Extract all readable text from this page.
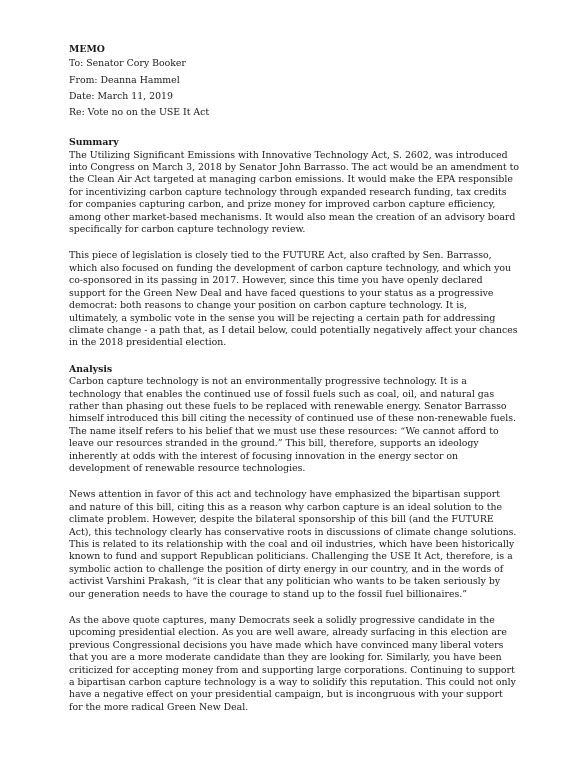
MEMO

To: Senator Cory Booker

From: Deanna Hammel

Date: March 11, 2019

Re: Vote no on the USE It Act

Summary

The Utilizing Significant Emissions with Innovative Technology Act, S. 2602, was introduced into Congress on March 3, 2018 by Senator John Barrasso. The act would be an amendment to the Clean Air Act targeted at managing carbon emissions. It would make the EPA responsible for incentivizing carbon capture technology through expanded research funding, tax credits for companies capturing carbon, and prize money for improved carbon capture efficiency, among other market-based mechanisms. It would also mean the creation of an advisory board specifically for carbon capture technology review.

This piece of legislation is closely tied to the FUTURE Act, also crafted by Sen. Barrasso, which also focused on funding the development of carbon capture technology, and which you co-sponsored in its passing in 2017. However, since this time you have openly declared support for the Green New Deal and have faced questions to your status as a progressive democrat: both reasons to change your position on carbon capture technology. It is, ultimately, a symbolic vote in the sense you will be rejecting a certain path for addressing climate change - a path that, as I detail below, could potentially negatively affect your chances in the 2018 presidential election.

Analysis

Carbon capture technology is not an environmentally progressive technology. It is a technology that enables the continued use of fossil fuels such as coal, oil, and natural gas rather than phasing out these fuels to be replaced with renewable energy. Senator Barrasso himself introduced this bill citing the necessity of continued use of these non-renewable fuels. The name itself refers to his belief that we must use these resources: “We cannot afford to leave our resources stranded in the ground.” This bill, therefore, supports an ideology inherently at odds with the interest of focusing innovation in the energy sector on development of renewable resource technologies.

News attention in favor of this act and technology have emphasized the bipartisan support and nature of this bill, citing this as a reason why carbon capture is an ideal solution to the climate problem. However, despite the bilateral sponsorship of this bill (and the FUTURE Act), this technology clearly has conservative roots in discussions of climate change solutions. This is related to its relationship with the coal and oil industries, which have been historically known to fund and support Republican politicians. Challenging the USE It Act, therefore, is a symbolic action to challenge the position of dirty energy in our country, and in the words of activist Varshini Prakash, “it is clear that any politician who wants to be taken seriously by our generation needs to have the courage to stand up to the fossil fuel billionaires.”

As the above quote captures, many Democrats seek a solidly progressive candidate in the upcoming presidential election. As you are well aware, already surfacing in this election are previous Congressional decisions you have made which have convinced many liberal voters that you are a more moderate candidate than they are looking for. Similarly, you have been criticized for accepting money from and supporting large corporations. Continuing to support a bipartisan carbon capture technology is a way to solidify this reputation. This could not only have a negative effect on your presidential campaign, but is incongruous with your support for the more radical Green New Deal.
